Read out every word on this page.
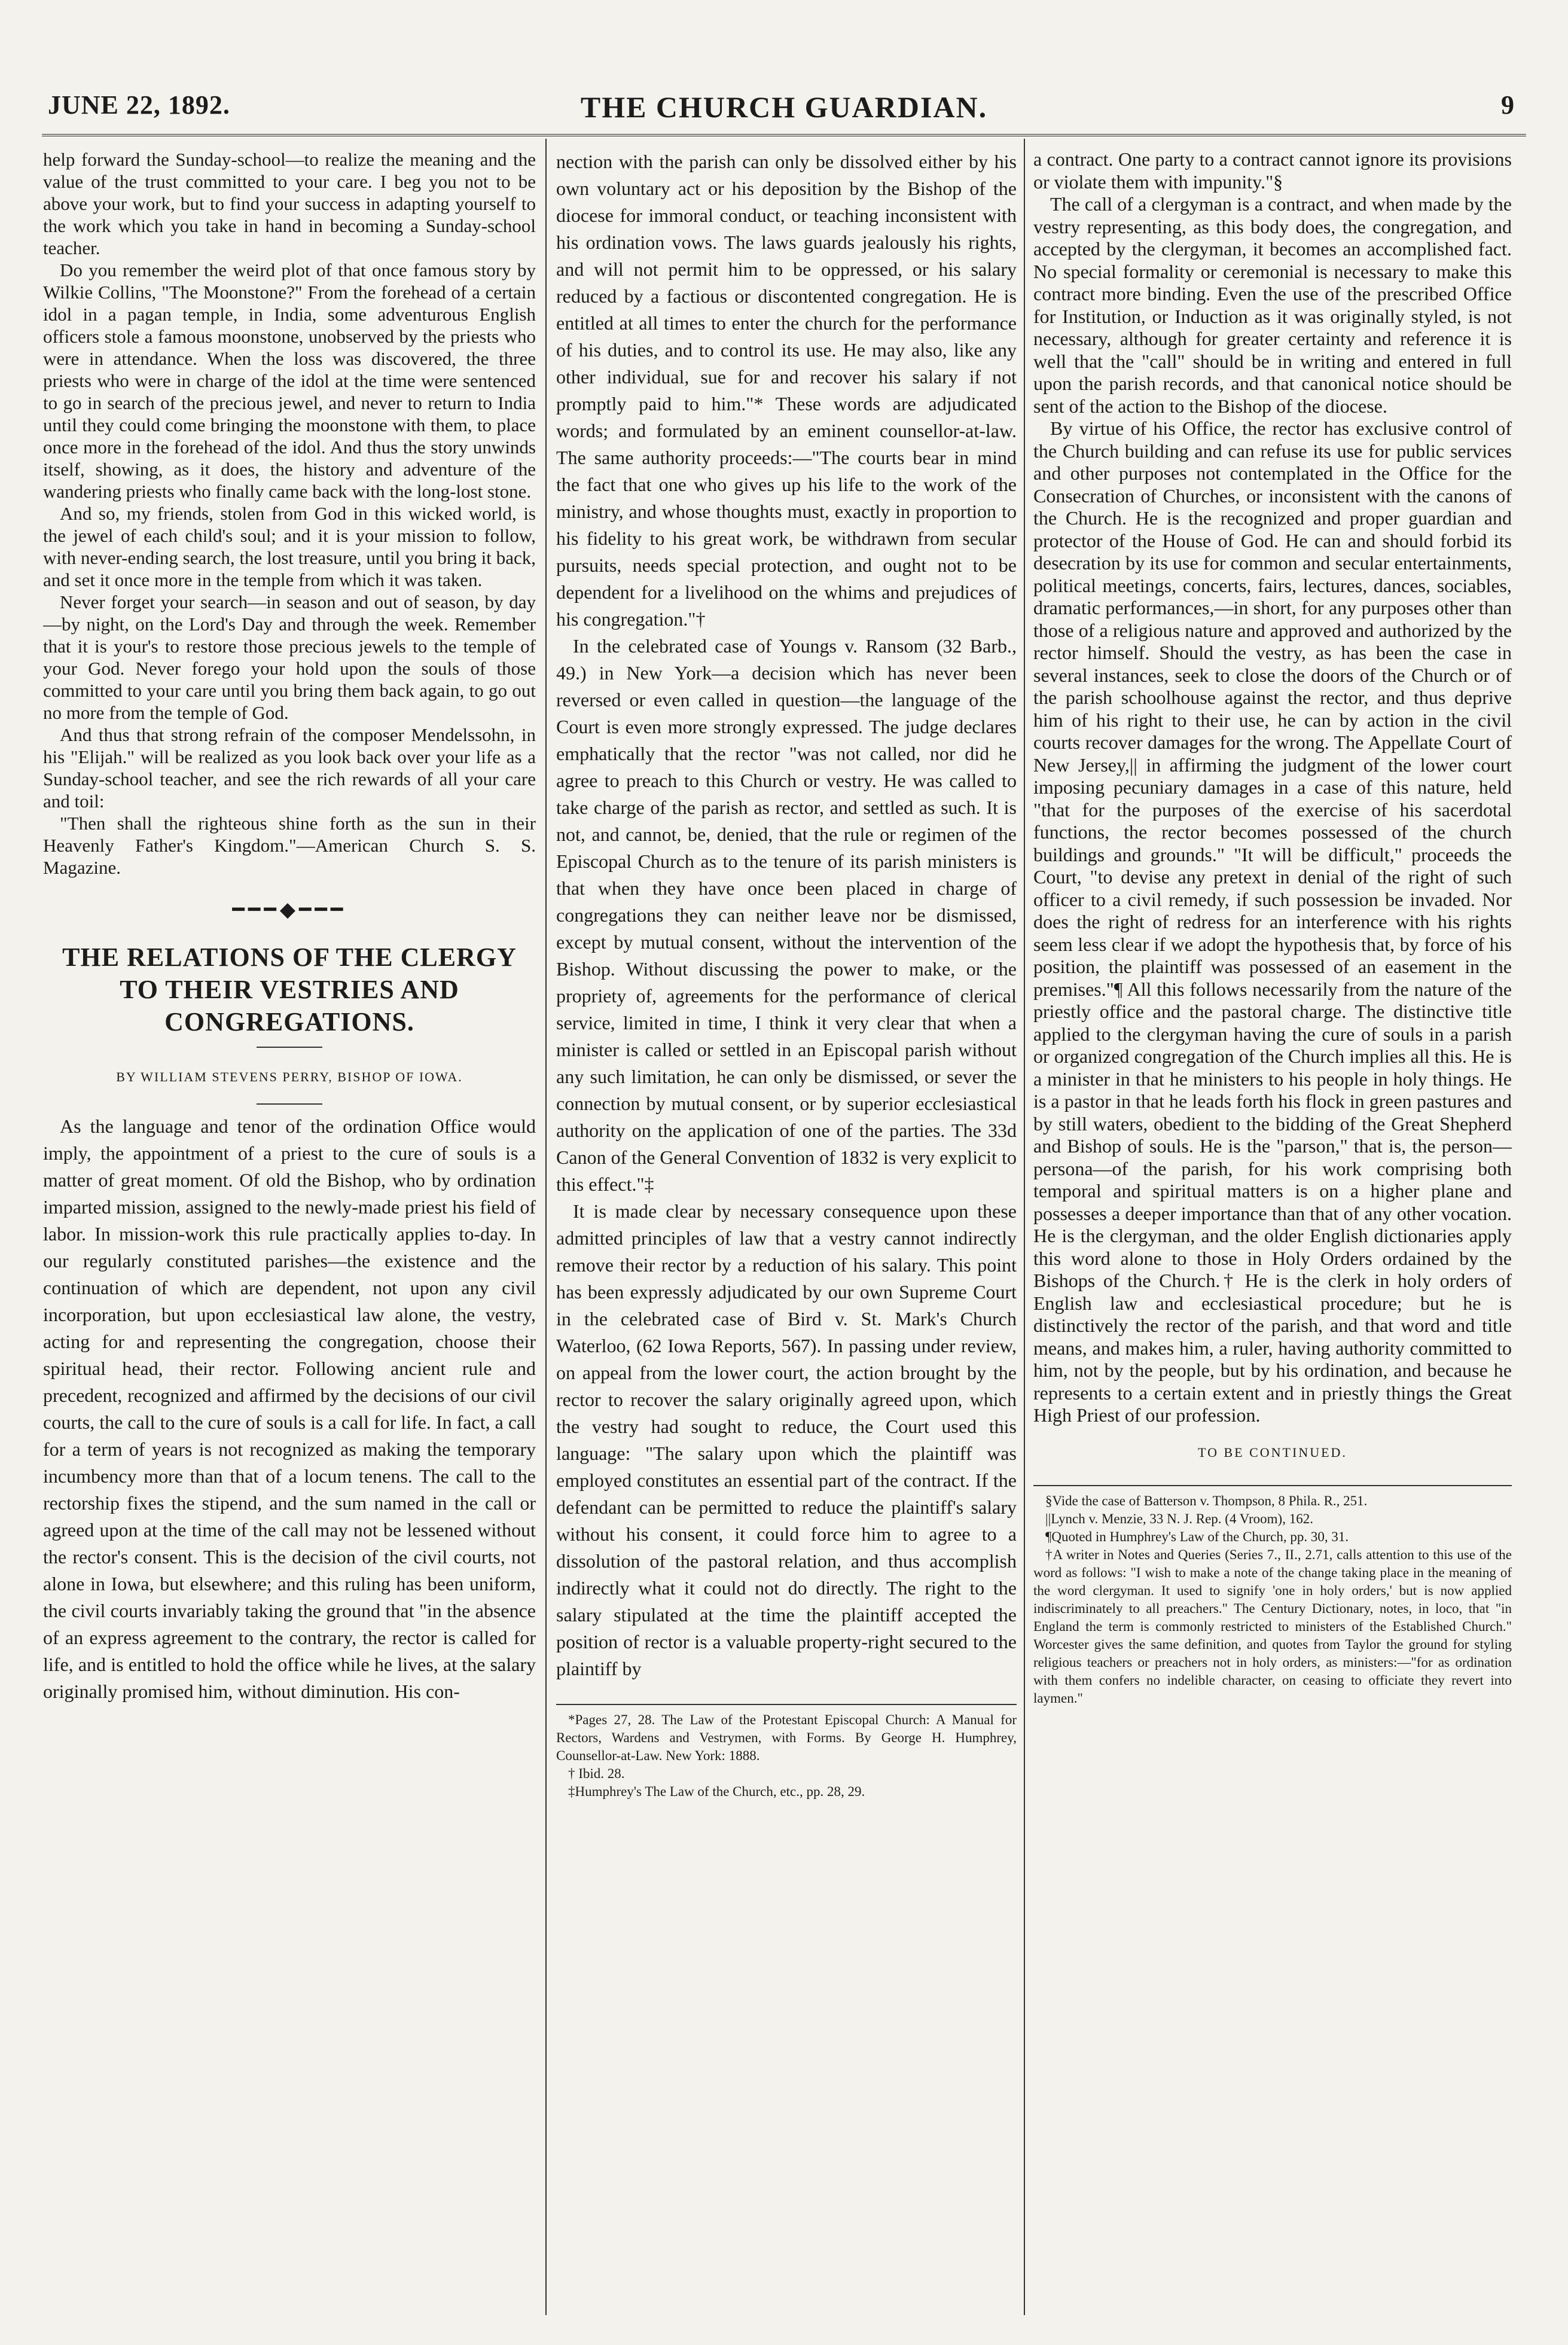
JUNE 22, 1892.	THE CHURCH GUARDIAN.	9

help forward the Sunday-school—to realize the meaning and the value of the trust committed to your care. I beg you not to be above your work, but to find your success in adapting yourself to the work which you take in hand in becoming a Sunday-school teacher.

Do you remember the weird plot of that once famous story by Wilkie Collins, "The Moonstone?" From the forehead of a certain idol in a pagan temple, in India, some adventurous English officers stole a famous moonstone, unobserved by the priests who were in attendance. When the loss was discovered, the three priests who were in charge of the idol at the time were sentenced to go in search of the precious jewel, and never to return to India until they could come bringing the moonstone with them, to place once more in the forehead of the idol. And thus the story unwinds itself, showing, as it does, the history and adventure of the wandering priests who finally came back with the long-lost stone.

And so, my friends, stolen from God in this wicked world, is the jewel of each child's soul; and it is your mission to follow, with never-ending search, the lost treasure, until you bring it back, and set it once more in the temple from which it was taken.

Never forget your search—in season and out of season, by day—by night, on the Lord's Day and through the week. Remember that it is your's to restore those precious jewels to the temple of your God. Never forego your hold upon the souls of those committed to your care until you bring them back again, to go out no more from the temple of God.

And thus that strong refrain of the composer Mendelssohn, in his "Elijah." will be realized as you look back over your life as a Sunday-school teacher, and see the rich rewards of all your care and toil:

"Then shall the righteous shine forth as the sun in their Heavenly Father's Kingdom."—American Church S. S. Magazine.

━━━◆━━━
THE RELATIONS OF THE CLERGY TO THEIR VESTRIES AND CONGREGATIONS.
BY WILLIAM STEVENS PERRY, BISHOP OF IOWA.

As the language and tenor of the ordination Office would imply, the appointment of a priest to the cure of souls is a matter of great moment. Of old the Bishop, who by ordination imparted mission, assigned to the newly-made priest his field of labor. In mission-work this rule practically applies to-day. In our regularly constituted parishes—the existence and the continuation of which are dependent, not upon any civil incorporation, but upon ecclesiastical law alone, the vestry, acting for and representing the congregation, choose their spiritual head, their rector. Following ancient rule and precedent, recognized and affirmed by the decisions of our civil courts, the call to the cure of souls is a call for life. In fact, a call for a term of years is not recognized as making the temporary incumbency more than that of a locum tenens. The call to the rectorship fixes the stipend, and the sum named in the call or agreed upon at the time of the call may not be lessened without the rector's consent. This is the decision of the civil courts, not alone in Iowa, but elsewhere; and this ruling has been uniform, the civil courts invariably taking the ground that "in the absence of an express agreement to the contrary, the rector is called for life, and is entitled to hold the office while he lives, at the salary originally promised him, without diminution. His con-

nection with the parish can only be dissolved either by his own voluntary act or his deposition by the Bishop of the diocese for immoral conduct, or teaching inconsistent with his ordination vows. The laws guards jealously his rights, and will not permit him to be oppressed, or his salary reduced by a factious or discontented congregation. He is entitled at all times to enter the church for the performance of his duties, and to control its use. He may also, like any other individual, sue for and recover his salary if not promptly paid to him."* These words are adjudicated words; and formulated by an eminent counsellor-at-law. The same authority proceeds:—"The courts bear in mind the fact that one who gives up his life to the work of the ministry, and whose thoughts must, exactly in proportion to his fidelity to his great work, be withdrawn from secular pursuits, needs special protection, and ought not to be dependent for a livelihood on the whims and prejudices of his congregation."†

In the celebrated case of Youngs v. Ransom (32 Barb., 49.) in New York—a decision which has never been reversed or even called in question—the language of the Court is even more strongly expressed. The judge declares emphatically that the rector "was not called, nor did he agree to preach to this Church or vestry. He was called to take charge of the parish as rector, and settled as such. It is not, and cannot, be, denied, that the rule or regimen of the Episcopal Church as to the tenure of its parish ministers is that when they have once been placed in charge of congregations they can neither leave nor be dismissed, except by mutual consent, without the intervention of the Bishop. Without discussing the power to make, or the propriety of, agreements for the performance of clerical service, limited in time, I think it very clear that when a minister is called or settled in an Episcopal parish without any such limitation, he can only be dismissed, or sever the connection by mutual consent, or by superior ecclesiastical authority on the application of one of the parties. The 33d Canon of the General Convention of 1832 is very explicit to this effect."‡

It is made clear by necessary consequence upon these admitted principles of law that a vestry cannot indirectly remove their rector by a reduction of his salary. This point has been expressly adjudicated by our own Supreme Court in the celebrated case of Bird v. St. Mark's Church Waterloo, (62 Iowa Reports, 567). In passing under review, on appeal from the lower court, the action brought by the rector to recover the salary originally agreed upon, which the vestry had sought to reduce, the Court used this language: "The salary upon which the plaintiff was employed constitutes an essential part of the contract. If the defendant can be permitted to reduce the plaintiff's salary without his consent, it could force him to agree to a dissolution of the pastoral relation, and thus accomplish indirectly what it could not do directly. The right to the salary stipulated at the time the plaintiff accepted the position of rector is a valuable property-right secured to the plaintiff by

*Pages 27, 28. The Law of the Protestant Episcopal Church: A Manual for Rectors, Wardens and Vestrymen, with Forms. By George H. Humphrey, Counsellor-at-Law. New York: 1888.

† Ibid. 28.

‡Humphrey's The Law of the Church, etc., pp. 28, 29.

a contract. One party to a contract cannot ignore its provisions or violate them with impunity."§

The call of a clergyman is a contract, and when made by the vestry representing, as this body does, the congregation, and accepted by the clergyman, it becomes an accomplished fact. No special formality or ceremonial is necessary to make this contract more binding. Even the use of the prescribed Office for Institution, or Induction as it was originally styled, is not necessary, although for greater certainty and reference it is well that the "call" should be in writing and entered in full upon the parish records, and that canonical notice should be sent of the action to the Bishop of the diocese.

By virtue of his Office, the rector has exclusive control of the Church building and can refuse its use for public services and other purposes not contemplated in the Office for the Consecration of Churches, or inconsistent with the canons of the Church. He is the recognized and proper guardian and protector of the House of God. He can and should forbid its desecration by its use for common and secular entertainments, political meetings, concerts, fairs, lectures, dances, sociables, dramatic performances,—in short, for any purposes other than those of a religious nature and approved and authorized by the rector himself. Should the vestry, as has been the case in several instances, seek to close the doors of the Church or of the parish schoolhouse against the rector, and thus deprive him of his right to their use, he can by action in the civil courts recover damages for the wrong. The Appellate Court of New Jersey,|| in affirming the judgment of the lower court imposing pecuniary damages in a case of this nature, held "that for the purposes of the exercise of his sacerdotal functions, the rector becomes possessed of the church buildings and grounds." "It will be difficult," proceeds the Court, "to devise any pretext in denial of the right of such officer to a civil remedy, if such possession be invaded. Nor does the right of redress for an interference with his rights seem less clear if we adopt the hypothesis that, by force of his position, the plaintiff was possessed of an easement in the premises."¶ All this follows necessarily from the nature of the priestly office and the pastoral charge. The distinctive title applied to the clergyman having the cure of souls in a parish or organized congregation of the Church implies all this. He is a minister in that he ministers to his people in holy things. He is a pastor in that he leads forth his flock in green pastures and by still waters, obedient to the bidding of the Great Shepherd and Bishop of souls. He is the "parson," that is, the person—persona—of the parish, for his work comprising both temporal and spiritual matters is on a higher plane and possesses a deeper importance than that of any other vocation. He is the clergyman, and the older English dictionaries apply this word alone to those in Holy Orders ordained by the Bishops of the Church.† He is the clerk in holy orders of English law and ecclesiastical procedure; but he is distinctively the rector of the parish, and that word and title means, and makes him, a ruler, having authority committed to him, not by the people, but by his ordination, and because he represents to a certain extent and in priestly things the Great High Priest of our profession.

TO BE CONTINUED.

§Vide the case of Batterson v. Thompson, 8 Phila. R., 251.

||Lynch v. Menzie, 33 N. J. Rep. (4 Vroom), 162.

¶Quoted in Humphrey's Law of the Church, pp. 30, 31.

†A writer in Notes and Queries (Series 7., II., 2.71, calls attention to this use of the word as follows: "I wish to make a note of the change taking place in the meaning of the word clergyman. It used to signify 'one in holy orders,' but is now applied indiscriminately to all preachers." The Century Dictionary, notes, in loco, that "in England the term is commonly restricted to ministers of the Established Church." Worcester gives the same definition, and quotes from Taylor the ground for styling religious teachers or preachers not in holy orders, as ministers:—"for as ordination with them confers no indelible character, on ceasing to officiate they revert into laymen."
